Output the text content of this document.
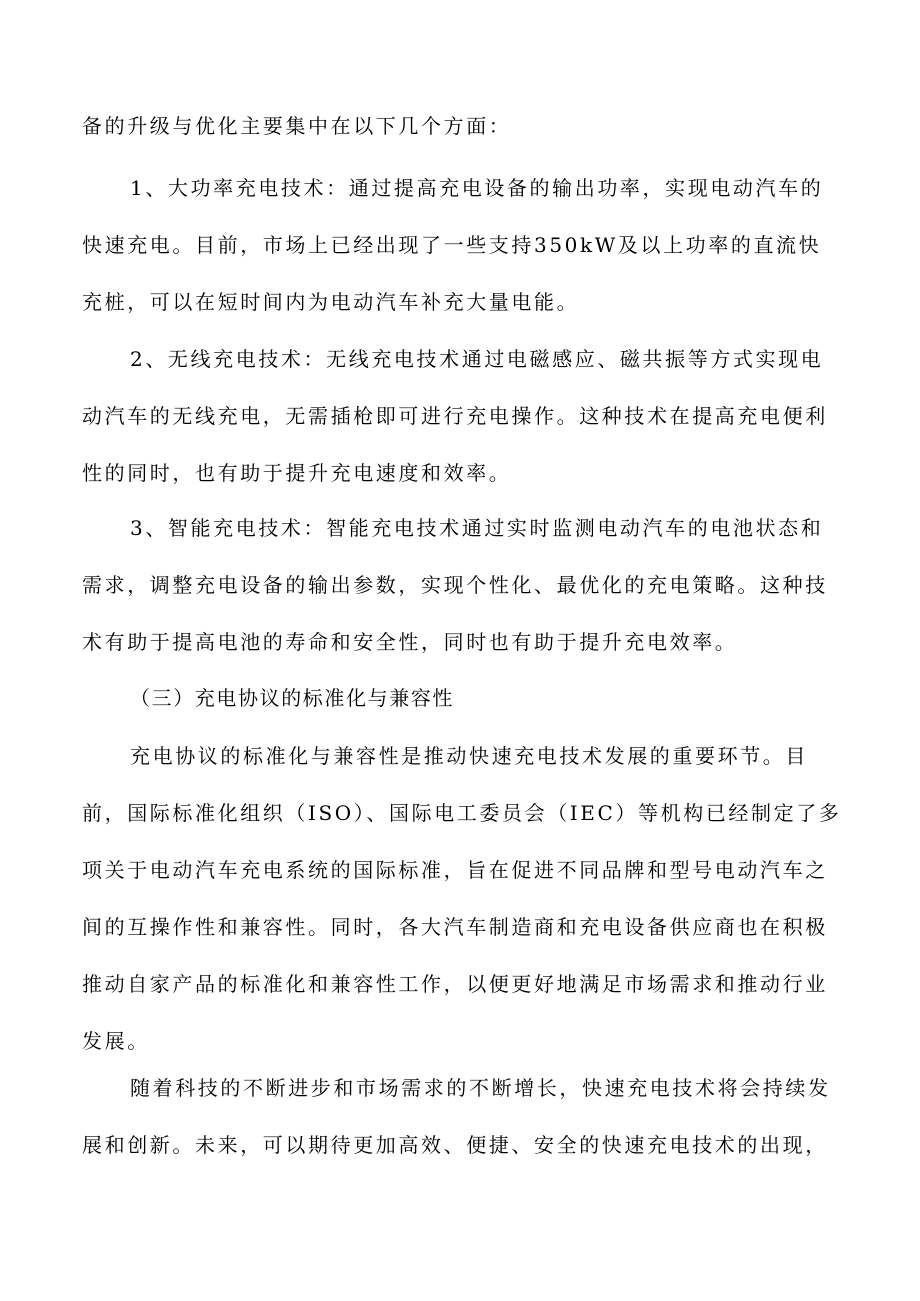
备的升级与优化主要集中在以下几个方面：

1、大功率充电技术：通过提高充电设备的输出功率，实现电动汽车的快速充电。目前，市场上已经出现了一些支持350kW及以上功率的直流快充桩，可以在短时间内为电动汽车补充大量电能。

2、无线充电技术：无线充电技术通过电磁感应、磁共振等方式实现电动汽车的无线充电，无需插枪即可进行充电操作。这种技术在提高充电便利性的同时，也有助于提升充电速度和效率。

3、智能充电技术：智能充电技术通过实时监测电动汽车的电池状态和需求，调整充电设备的输出参数，实现个性化、最优化的充电策略。这种技术有助于提高电池的寿命和安全性，同时也有助于提升充电效率。

（三）充电协议的标准化与兼容性

充电协议的标准化与兼容性是推动快速充电技术发展的重要环节。目前，国际标准化组织（ISO）、国际电工委员会（IEC）等机构已经制定了多项关于电动汽车充电系统的国际标准，旨在促进不同品牌和型号电动汽车之间的互操作性和兼容性。同时，各大汽车制造商和充电设备供应商也在积极推动自家产品的标准化和兼容性工作，以便更好地满足市场需求和推动行业发展。

随着科技的不断进步和市场需求的不断增长，快速充电技术将会持续发展和创新。未来，可以期待更加高效、便捷、安全的快速充电技术的出现，
